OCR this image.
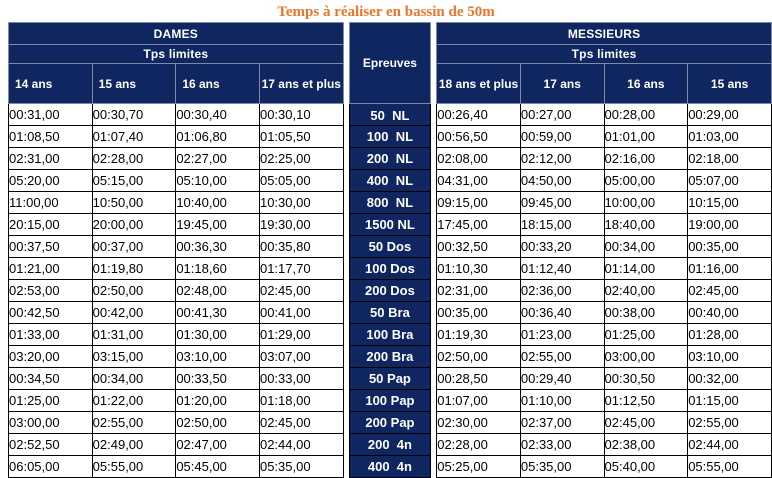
Temps à réaliser en bassin de 50m
DAMES					Epreuves		MESSIEURS			
Tps limites							Tps limites			
14 ans	15 ans	16 ans	17 ans et plus				18 ans et plus	17 ans	16 ans	15 ans
00:31,00	00:30,70	00:30,40	00:30,10		50  NL		00:26,40	00:27,00	00:28,00	00:29,00
01:08,50	01:07,40	01:06,80	01:05,50		100  NL		00:56,50	00:59,00	01:01,00	01:03,00
02:31,00	02:28,00	02:27,00	02:25,00		200  NL		02:08,00	02:12,00	02:16,00	02:18,00
05:20,00	05:15,00	05:10,00	05:05,00		400  NL		04:31,00	04:50,00	05:00,00	05:07,00
11:00,00	10:50,00	10:40,00	10:30,00		800  NL		09:15,00	09:45,00	10:00,00	10:15,00
20:15,00	20:00,00	19:45,00	19:30,00		1500 NL		17:45,00	18:15,00	18:40,00	19:00,00
00:37,50	00:37,00	00:36,30	00:35,80		50 Dos		00:32,50	00:33,20	00:34,00	00:35,00
01:21,00	01:19,80	01:18,60	01:17,70		100 Dos		01:10,30	01:12,40	01:14,00	01:16,00
02:53,00	02:50,00	02:48,00	02:45,00		200 Dos		02:31,00	02:36,00	02:40,00	02:45,00
00:42,50	00:42,00	00:41,30	00:41,00		50 Bra		00:35,00	00:36,40	00:38,00	00:40,00
01:33,00	01:31,00	01:30,00	01:29,00		100 Bra		01:19,30	01:23,00	01:25,00	01:28,00
03:20,00	03:15,00	03:10,00	03:07,00		200 Bra		02:50,00	02:55,00	03:00,00	03:10,00
00:34,50	00:34,00	00:33,50	00:33,00		50 Pap		00:28,50	00:29,40	00:30,50	00:32,00
01:25,00	01:22,00	01:20,00	01:18,00		100 Pap		01:07,00	01:10,00	01:12,50	01:15,00
03:00,00	02:55,00	02:50,00	02:45,00		200 Pap		02:30,00	02:37,00	02:45,00	02:55,00
02:52,50	02:49,00	02:47,00	02:44,00		200  4n		02:28,00	02:33,00	02:38,00	02:44,00
06:05,00	05:55,00	05:45,00	05:35,00		400  4n		05:25,00	05:35,00	05:40,00	05:55,00
